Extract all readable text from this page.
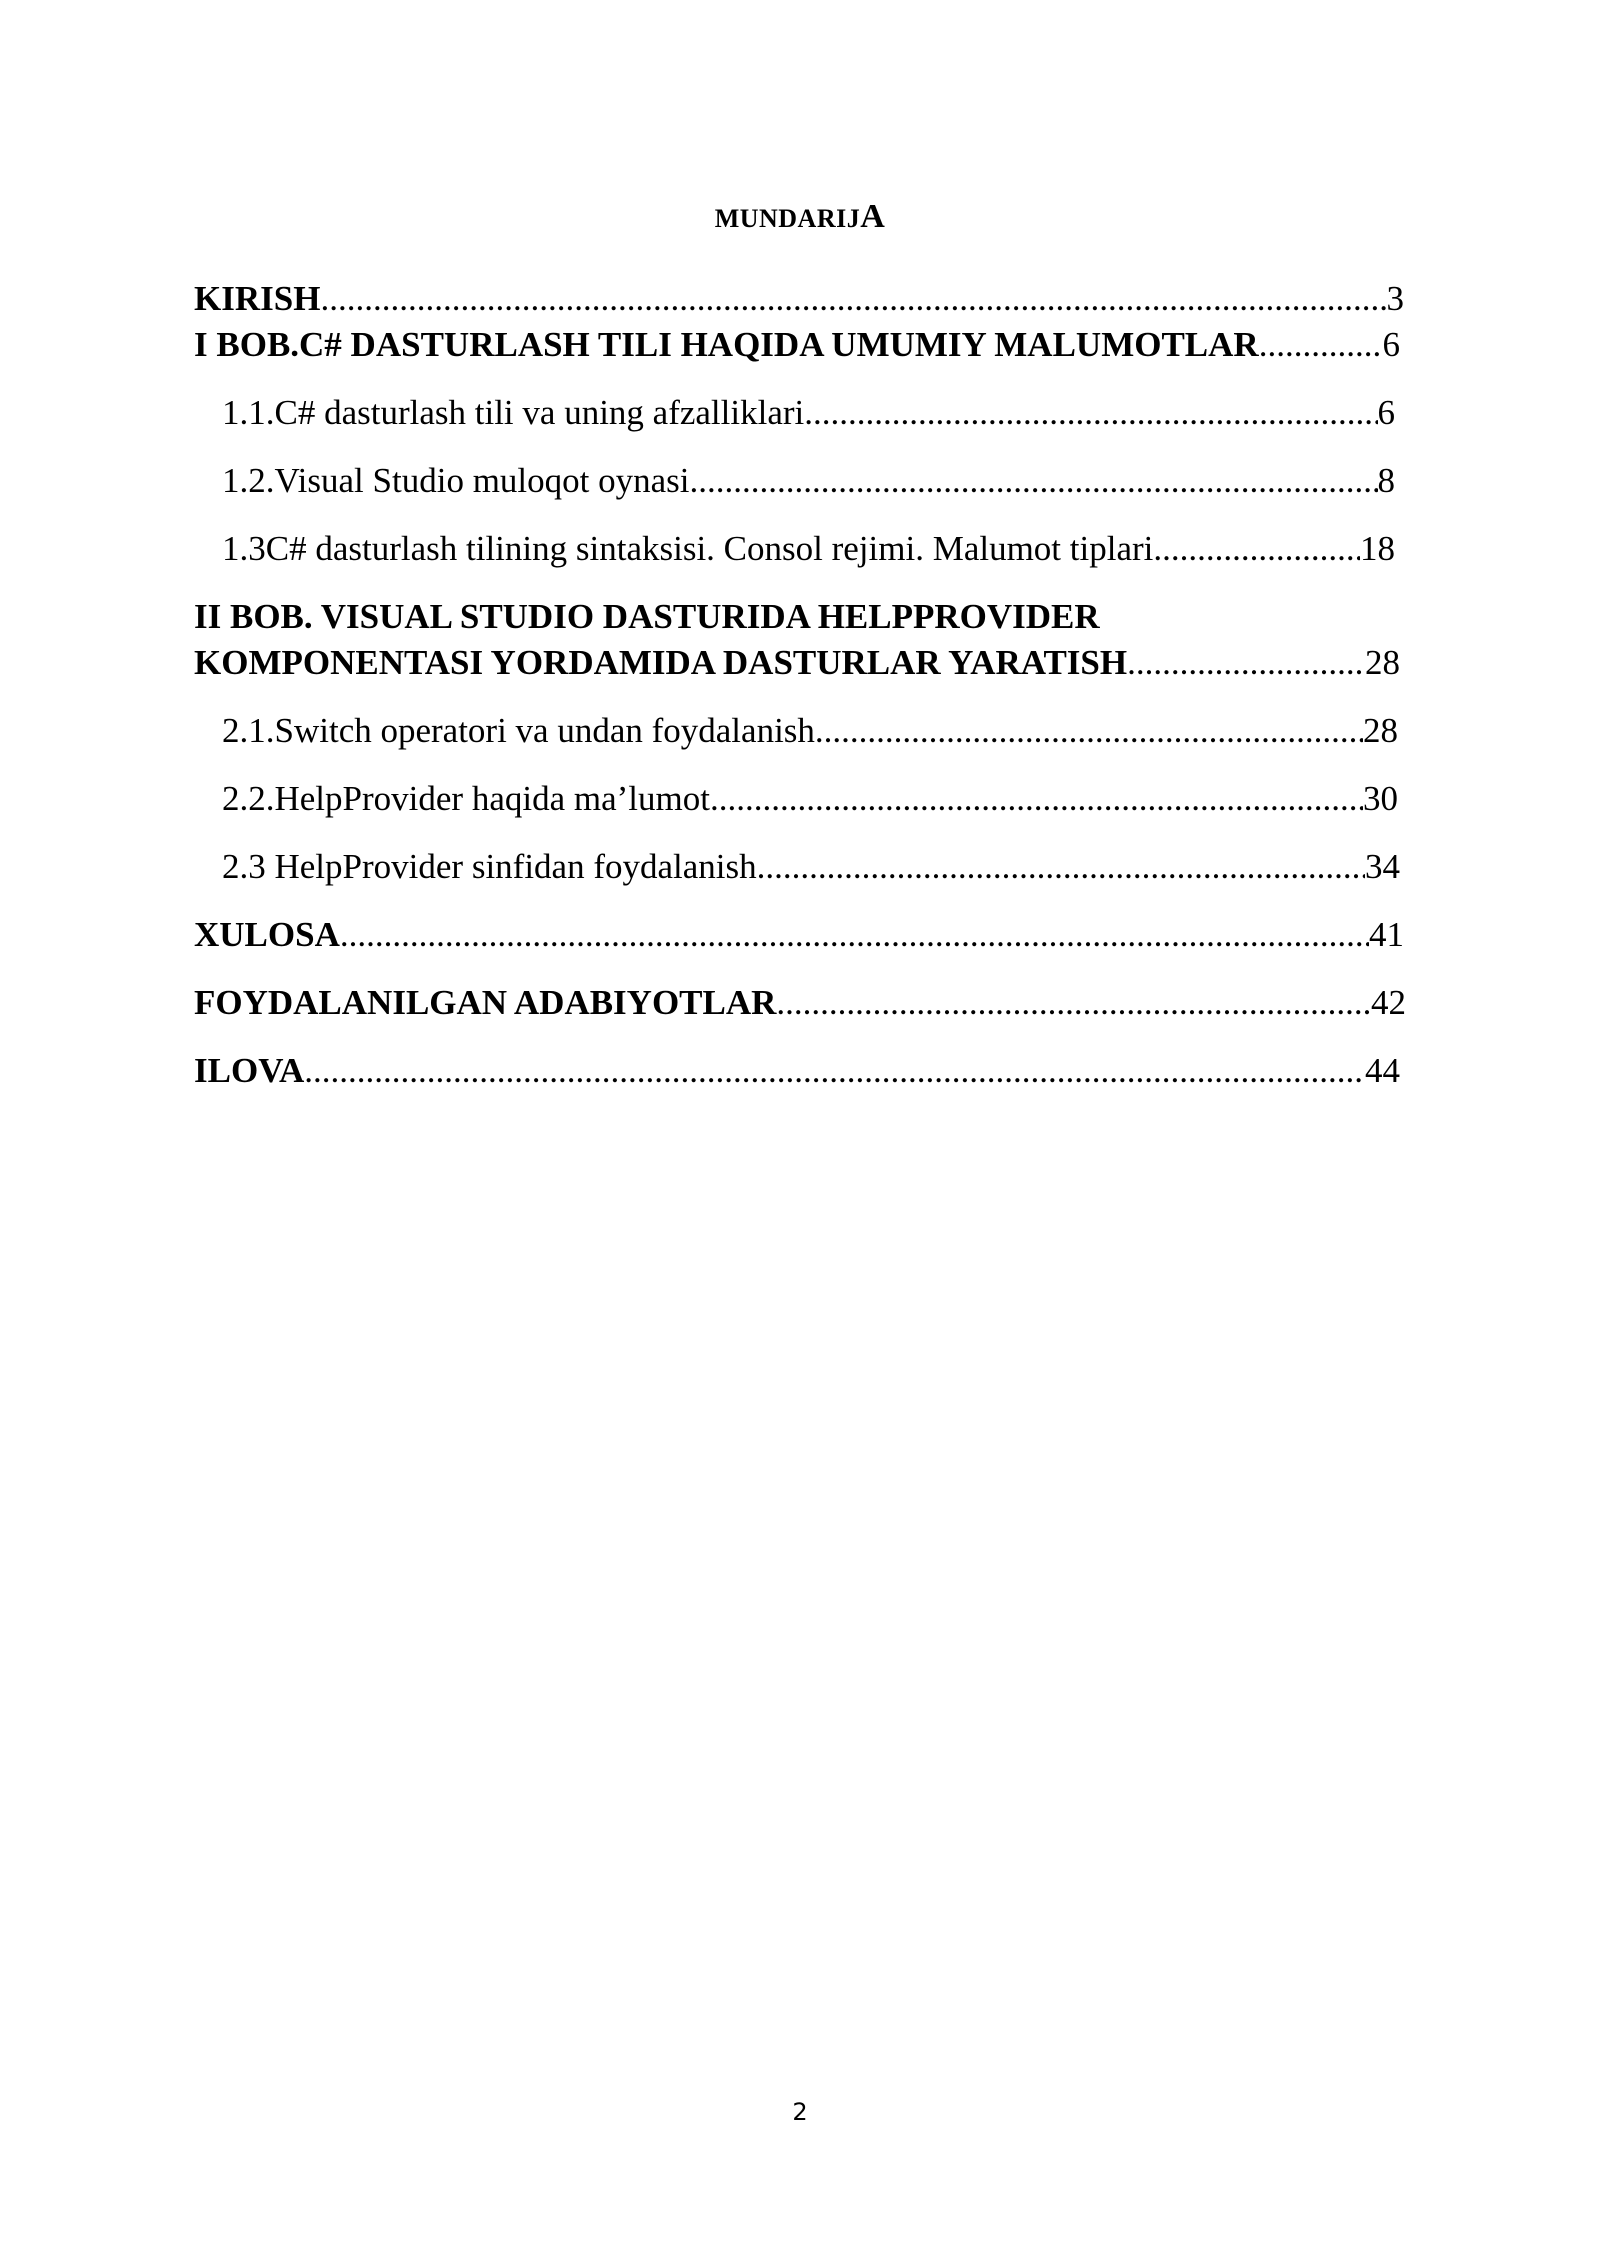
MUNDARIJA
KIRISH .....	3
I BOB.C# DASTURLASH TILI HAQIDA UMUMIY MALUMOTLAR .....	6
1.1.C# dasturlash tili va uning afzalliklari .....	6
1.2.Visual Studio muloqot oynasi .....	8
1.3C# dasturlash tilining sintaksisi. Consol rejimi. Malumot tiplari .....	18
II BOB. VISUAL STUDIO DASTURIDA HELPPROVIDER
KOMPONENTASI YORDAMIDA DASTURLAR YARATISH .....	28
2.1.Switch operatori va undan foydalanish .....	28
2.2.HelpProvider haqida ma’lumot .....	30
2.3 HelpProvider sinfidan foydalanish .....	34
XULOSA .....	41
FOYDALANILGAN ADABIYOTLAR .....	42
ILOVA .....	44
2
